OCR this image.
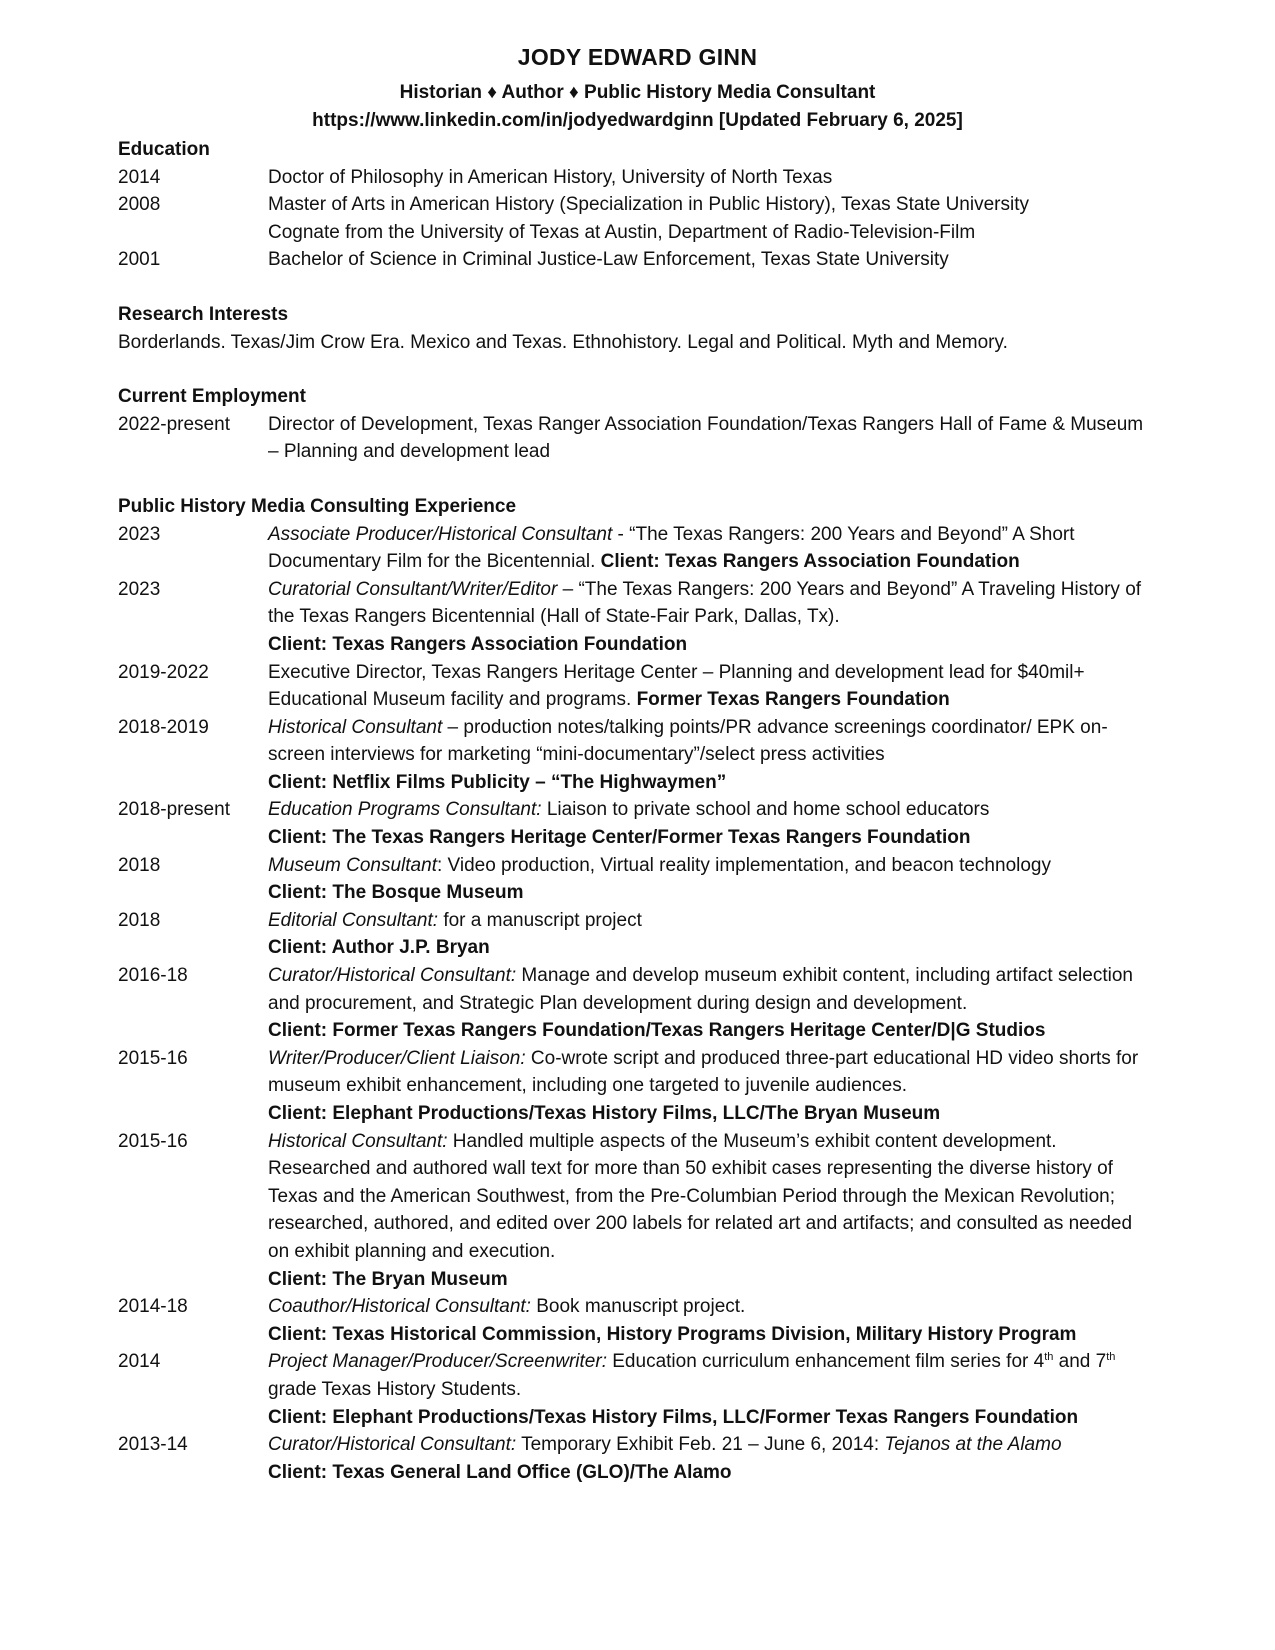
JODY EDWARD GINN
Historian ♦ Author ♦ Public History Media Consultant
https://www.linkedin.com/in/jodyedwardginn [Updated February 6, 2025]
Education
2014	Doctor of Philosophy in American History, University of North Texas
2008	Master of Arts in American History (Specialization in Public History), Texas State University
Cognate from the University of Texas at Austin, Department of Radio-Television-Film
2001	Bachelor of Science in Criminal Justice-Law Enforcement, Texas State University
Research Interests
Borderlands. Texas/Jim Crow Era. Mexico and Texas. Ethnohistory. Legal and Political. Myth and Memory.
Current Employment
2022-present	Director of Development, Texas Ranger Association Foundation/Texas Rangers Hall of Fame & Museum – Planning and development lead
Public History Media Consulting Experience
2023	Associate Producer/Historical Consultant - “The Texas Rangers: 200 Years and Beyond” A Short Documentary Film for the Bicentennial. Client: Texas Rangers Association Foundation
2023	Curatorial Consultant/Writer/Editor – “The Texas Rangers: 200 Years and Beyond” A Traveling History of the Texas Rangers Bicentennial (Hall of State-Fair Park, Dallas, Tx).
Client: Texas Rangers Association Foundation
2019-2022	Executive Director, Texas Rangers Heritage Center – Planning and development lead for $40mil+ Educational Museum facility and programs. Former Texas Rangers Foundation
2018-2019	Historical Consultant – production notes/talking points/PR advance screenings coordinator/ EPK on-screen interviews for marketing “mini-documentary”/select press activities
Client: Netflix Films Publicity – “The Highwaymen”
2018-present	Education Programs Consultant: Liaison to private school and home school educators
Client: The Texas Rangers Heritage Center/Former Texas Rangers Foundation
2018	Museum Consultant: Video production, Virtual reality implementation, and beacon technology
Client: The Bosque Museum
2018	Editorial Consultant: for a manuscript project
Client: Author J.P. Bryan
2016-18	Curator/Historical Consultant: Manage and develop museum exhibit content, including artifact selection and procurement, and Strategic Plan development during design and development.
Client: Former Texas Rangers Foundation/Texas Rangers Heritage Center/D|G Studios
2015-16	Writer/Producer/Client Liaison: Co-wrote script and produced three-part educational HD video shorts for museum exhibit enhancement, including one targeted to juvenile audiences.
Client: Elephant Productions/Texas History Films, LLC/The Bryan Museum
2015-16	Historical Consultant: Handled multiple aspects of the Museum’s exhibit content development. Researched and authored wall text for more than 50 exhibit cases representing the diverse history of Texas and the American Southwest, from the Pre-Columbian Period through the Mexican Revolution; researched, authored, and edited over 200 labels for related art and artifacts; and consulted as needed on exhibit planning and execution.
Client: The Bryan Museum
2014-18	Coauthor/Historical Consultant: Book manuscript project.
Client: Texas Historical Commission, History Programs Division, Military History Program
2014	Project Manager/Producer/Screenwriter: Education curriculum enhancement film series for 4th and 7th grade Texas History Students.
Client: Elephant Productions/Texas History Films, LLC/Former Texas Rangers Foundation
2013-14	Curator/Historical Consultant: Temporary Exhibit Feb. 21 – June 6, 2014: Tejanos at the Alamo
Client: Texas General Land Office (GLO)/The Alamo
